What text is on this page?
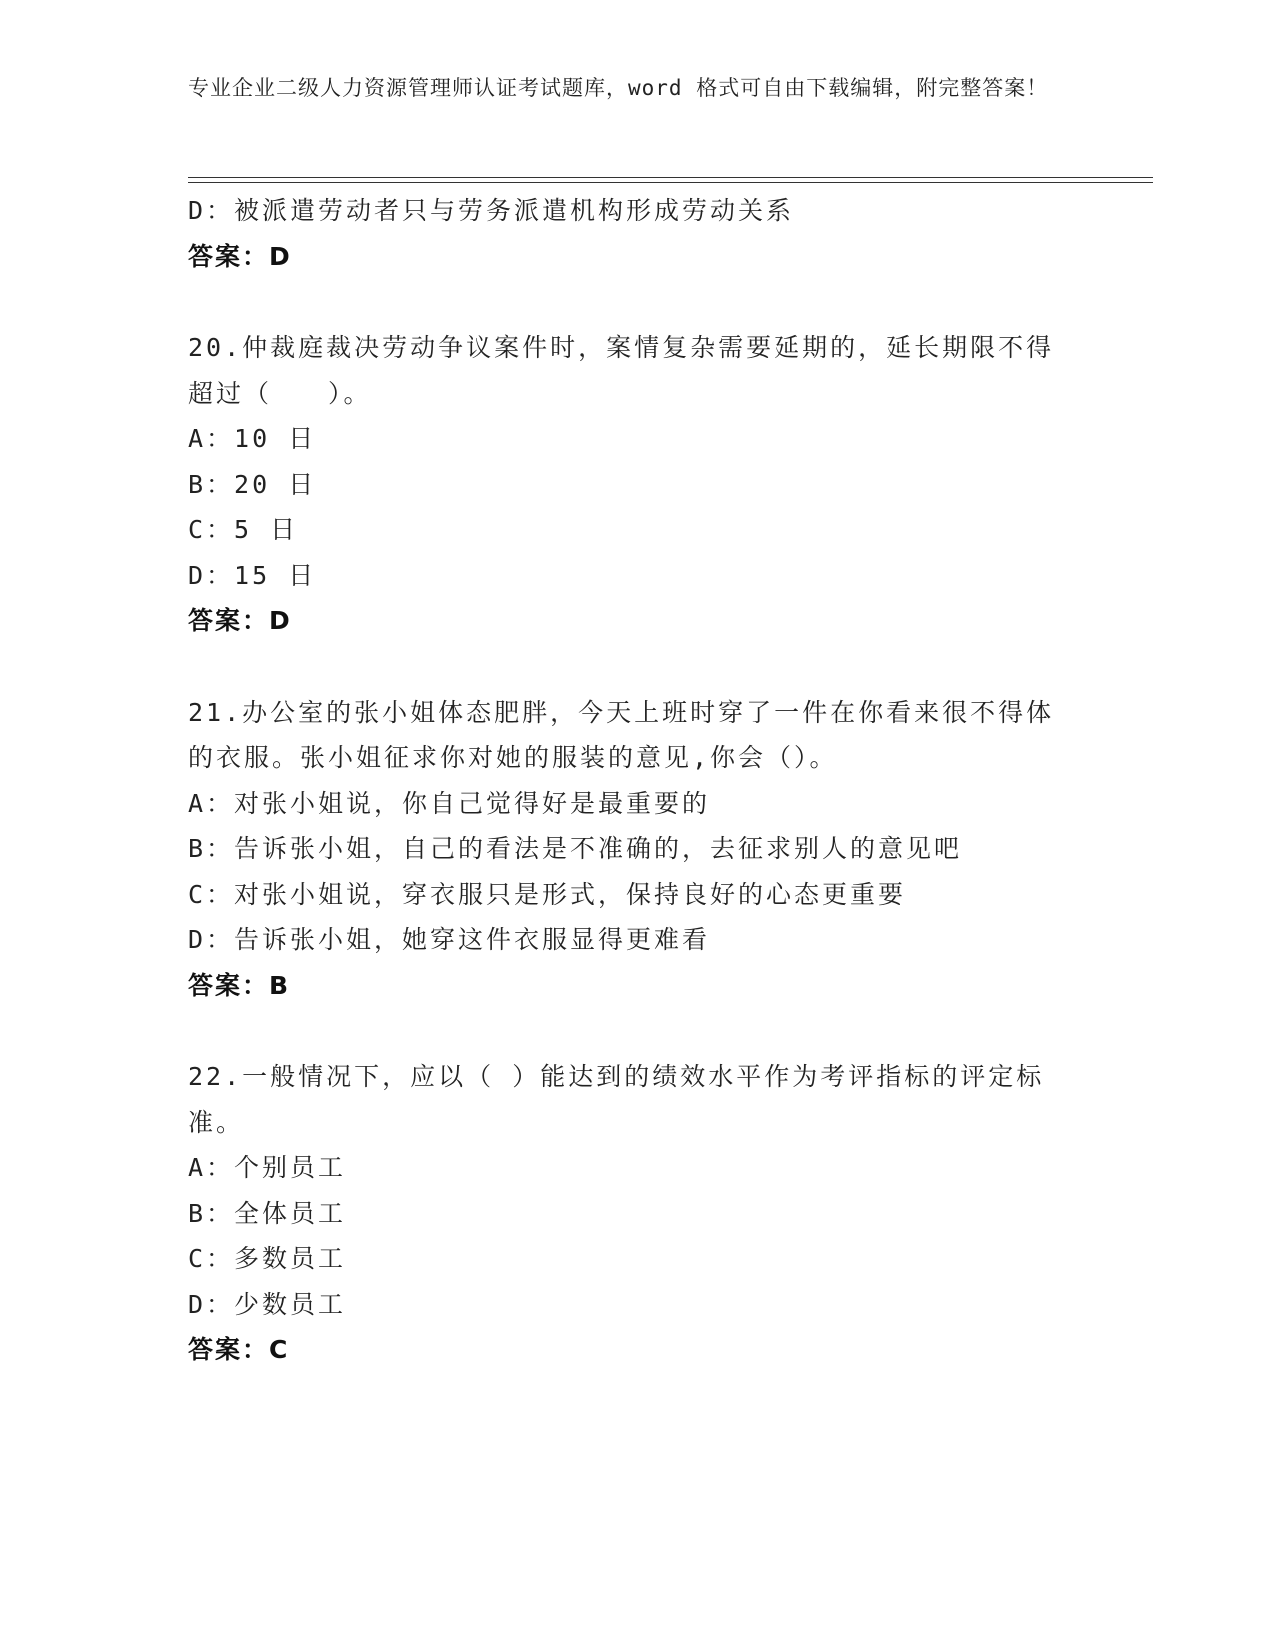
专业企业二级人力资源管理师认证考试题库，word 格式可自由下载编辑，附完整答案！
D：被派遣劳动者只与劳务派遣机构形成劳动关系
答案：D
20.仲裁庭裁决劳动争议案件时，案情复杂需要延期的，延长期限不得超过（　　）。
A：10 日
B：20 日
C：5 日
D：15 日
答案：D
21.办公室的张小姐体态肥胖，今天上班时穿了一件在你看来很不得体的衣服。张小姐征求你对她的服装的意见,你会（）。
A：对张小姐说，你自己觉得好是最重要的
B：告诉张小姐，自己的看法是不准确的，去征求别人的意见吧
C：对张小姐说，穿衣服只是形式，保持良好的心态更重要
D：告诉张小姐，她穿这件衣服显得更难看
答案：B
22.一般情况下，应以（ ）能达到的绩效水平作为考评指标的评定标准。
A：个别员工
B：全体员工
C：多数员工
D：少数员工
答案：C
